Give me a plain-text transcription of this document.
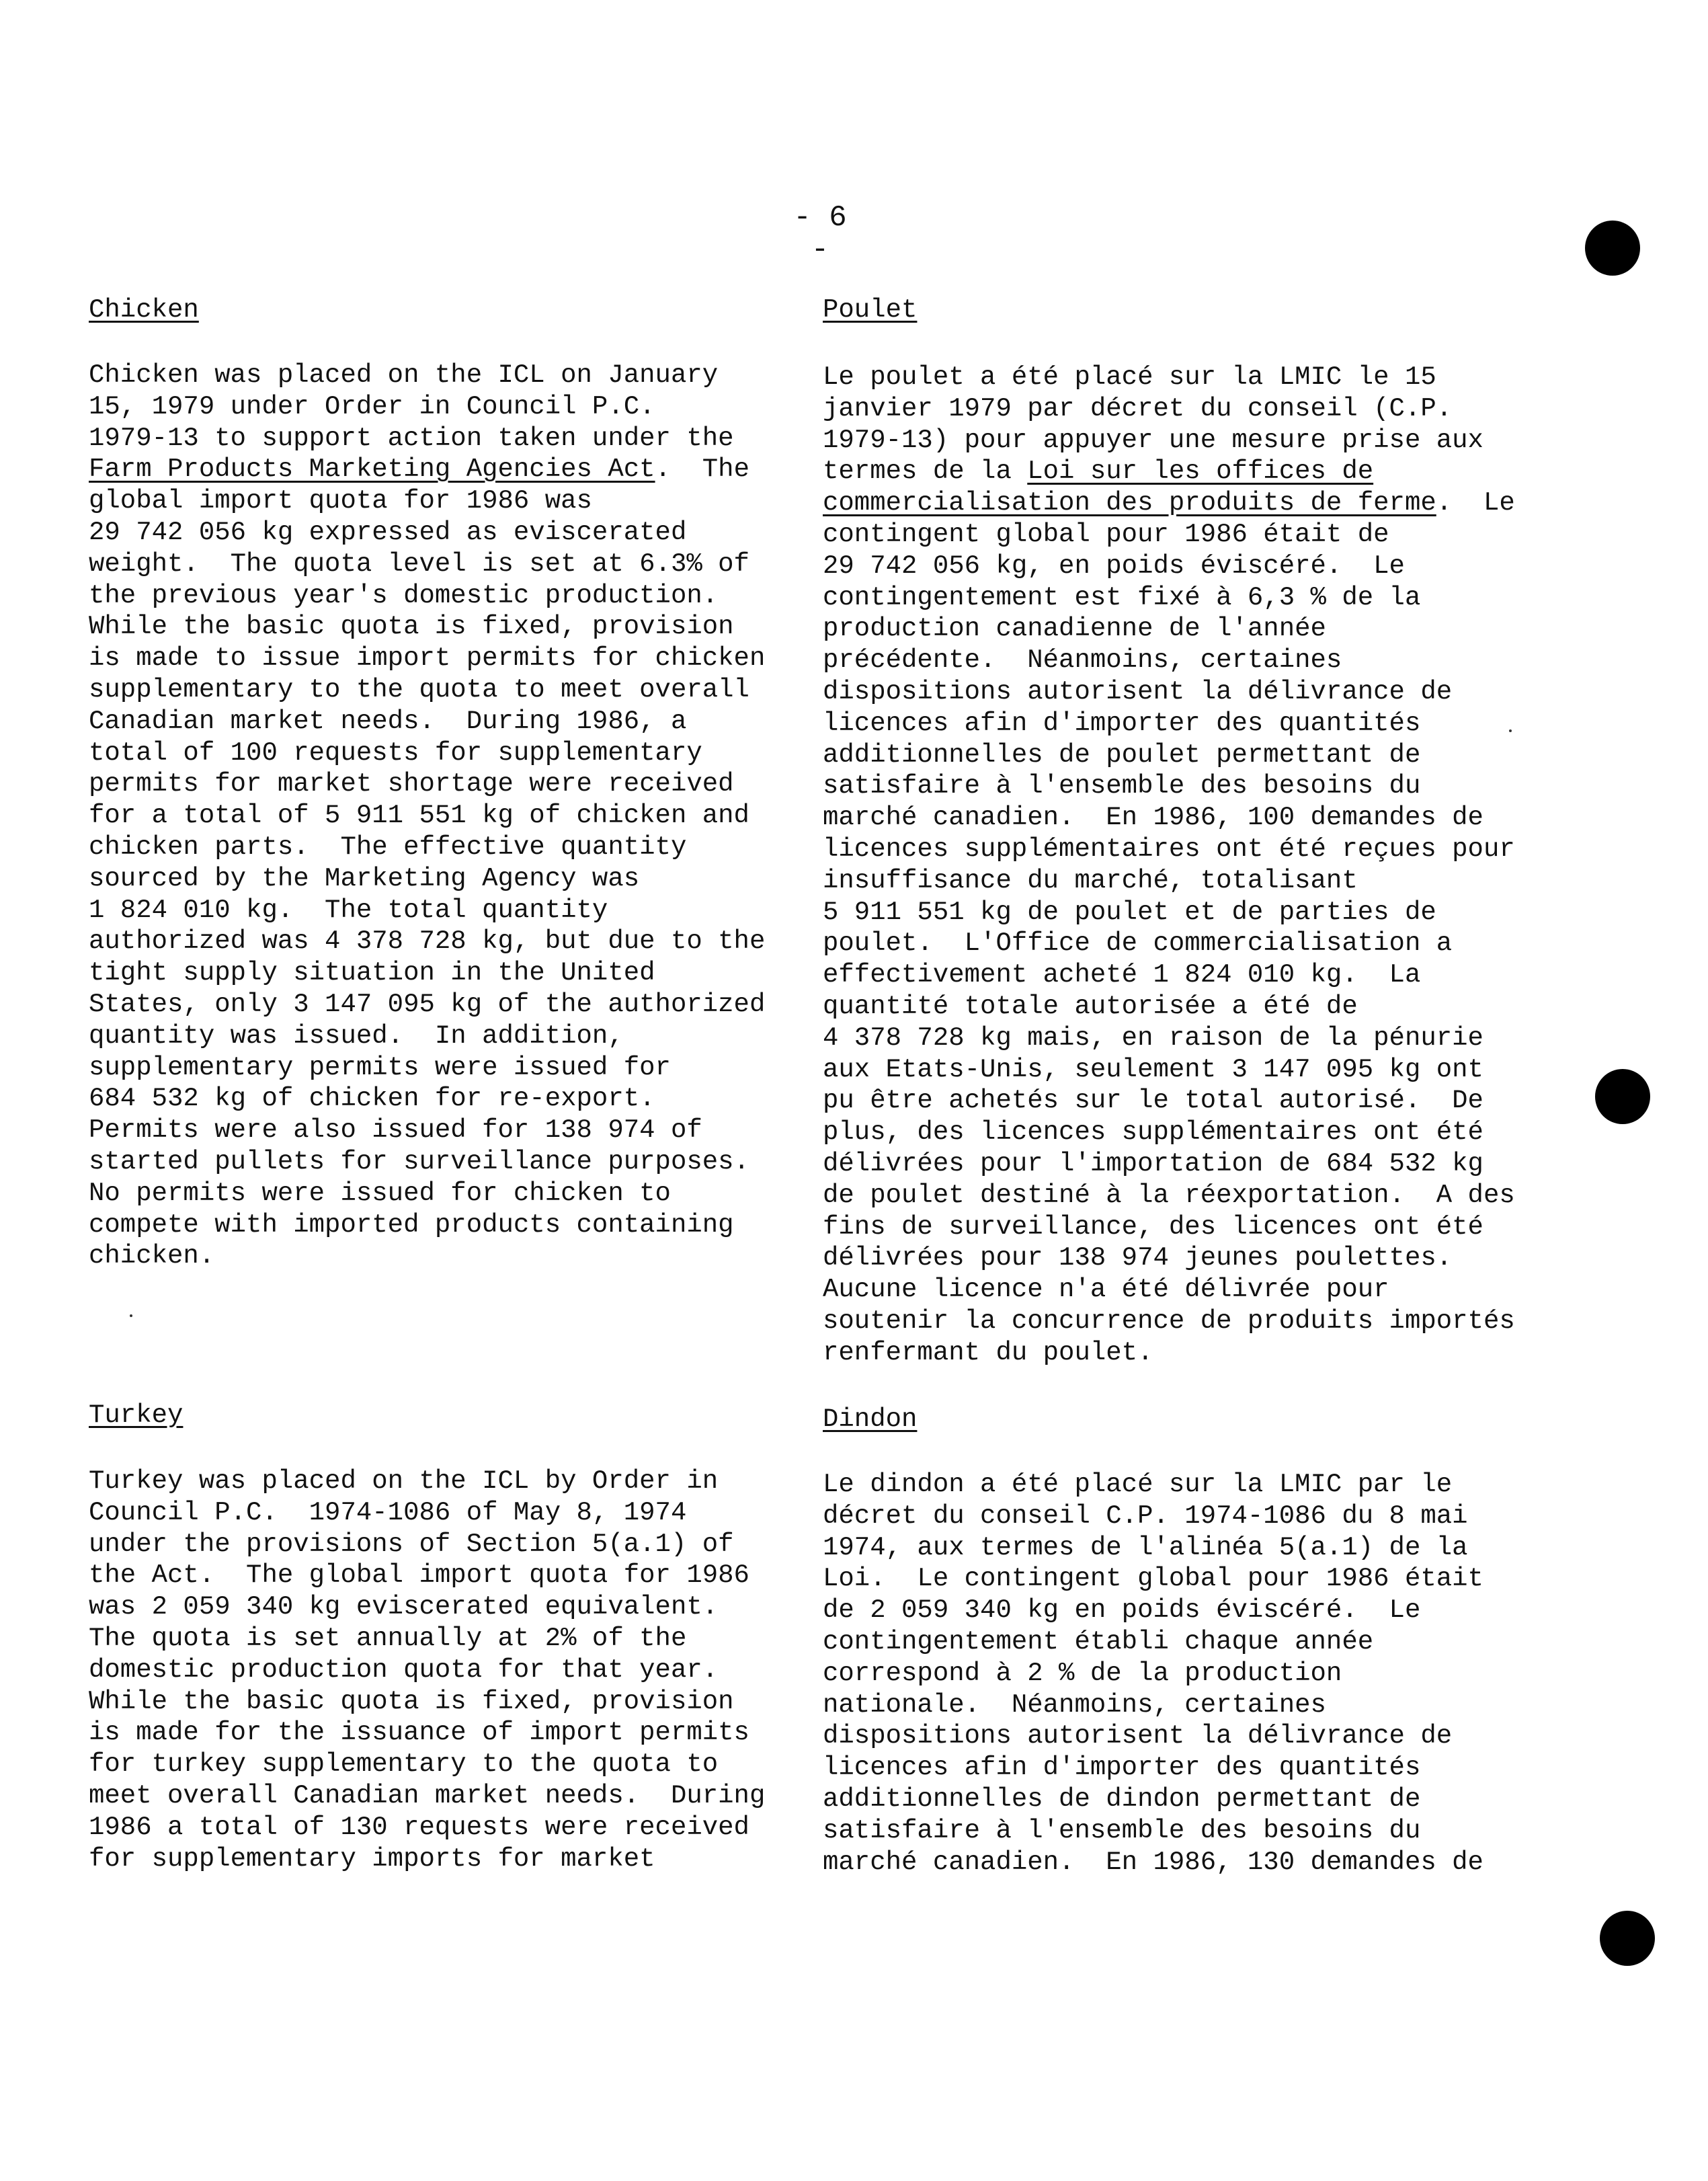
- 6 -
Chicken
Chicken was placed on the ICL on January
15, 1979 under Order in Council P.C.
1979-13 to support action taken under the
Farm Products Marketing Agencies Act.  The
global import quota for 1986 was
29 742 056 kg expressed as eviscerated
weight.  The quota level is set at 6.3% of
the previous year's domestic production.
While the basic quota is fixed, provision
is made to issue import permits for chicken
supplementary to the quota to meet overall
Canadian market needs.  During 1986, a
total of 100 requests for supplementary
permits for market shortage were received
for a total of 5 911 551 kg of chicken and
chicken parts.  The effective quantity
sourced by the Marketing Agency was
1 824 010 kg.  The total quantity
authorized was 4 378 728 kg, but due to the
tight supply situation in the United
States, only 3 147 095 kg of the authorized
quantity was issued.  In addition,
supplementary permits were issued for
684 532 kg of chicken for re-export.
Permits were also issued for 138 974 of
started pullets for surveillance purposes.
No permits were issued for chicken to
compete with imported products containing
chicken.
Turkey
Turkey was placed on the ICL by Order in
Council P.C.  1974-1086 of May 8, 1974
under the provisions of Section 5(a.1) of
the Act.  The global import quota for 1986
was 2 059 340 kg eviscerated equivalent.
The quota is set annually at 2% of the
domestic production quota for that year.
While the basic quota is fixed, provision
is made for the issuance of import permits
for turkey supplementary to the quota to
meet overall Canadian market needs.  During
1986 a total of 130 requests were received
for supplementary imports for market
Poulet
Le poulet a été placé sur la LMIC le 15
janvier 1979 par décret du conseil (C.P.
1979-13) pour appuyer une mesure prise aux
termes de la Loi sur les offices de
commercialisation des produits de ferme.  Le
contingent global pour 1986 était de
29 742 056 kg, en poids éviscéré.  Le
contingentement est fixé à 6,3 % de la
production canadienne de l'année
précédente.  Néanmoins, certaines
dispositions autorisent la délivrance de
licences afin d'importer des quantités
additionnelles de poulet permettant de
satisfaire à l'ensemble des besoins du
marché canadien.  En 1986, 100 demandes de
licences supplémentaires ont été reçues pour
insuffisance du marché, totalisant
5 911 551 kg de poulet et de parties de
poulet.  L'Office de commercialisation a
effectivement acheté 1 824 010 kg.  La
quantité totale autorisée a été de
4 378 728 kg mais, en raison de la pénurie
aux Etats-Unis, seulement 3 147 095 kg ont
pu être achetés sur le total autorisé.  De
plus, des licences supplémentaires ont été
délivrées pour l'importation de 684 532 kg
de poulet destiné à la réexportation.  A des
fins de surveillance, des licences ont été
délivrées pour 138 974 jeunes poulettes.
Aucune licence n'a été délivrée pour
soutenir la concurrence de produits importés
renfermant du poulet.
Dindon
Le dindon a été placé sur la LMIC par le
décret du conseil C.P. 1974-1086 du 8 mai
1974, aux termes de l'alinéa 5(a.1) de la
Loi.  Le contingent global pour 1986 était
de 2 059 340 kg en poids éviscéré.  Le
contingentement établi chaque année
correspond à 2 % de la production
nationale.  Néanmoins, certaines
dispositions autorisent la délivrance de
licences afin d'importer des quantités
additionnelles de dindon permettant de
satisfaire à l'ensemble des besoins du
marché canadien.  En 1986, 130 demandes de
